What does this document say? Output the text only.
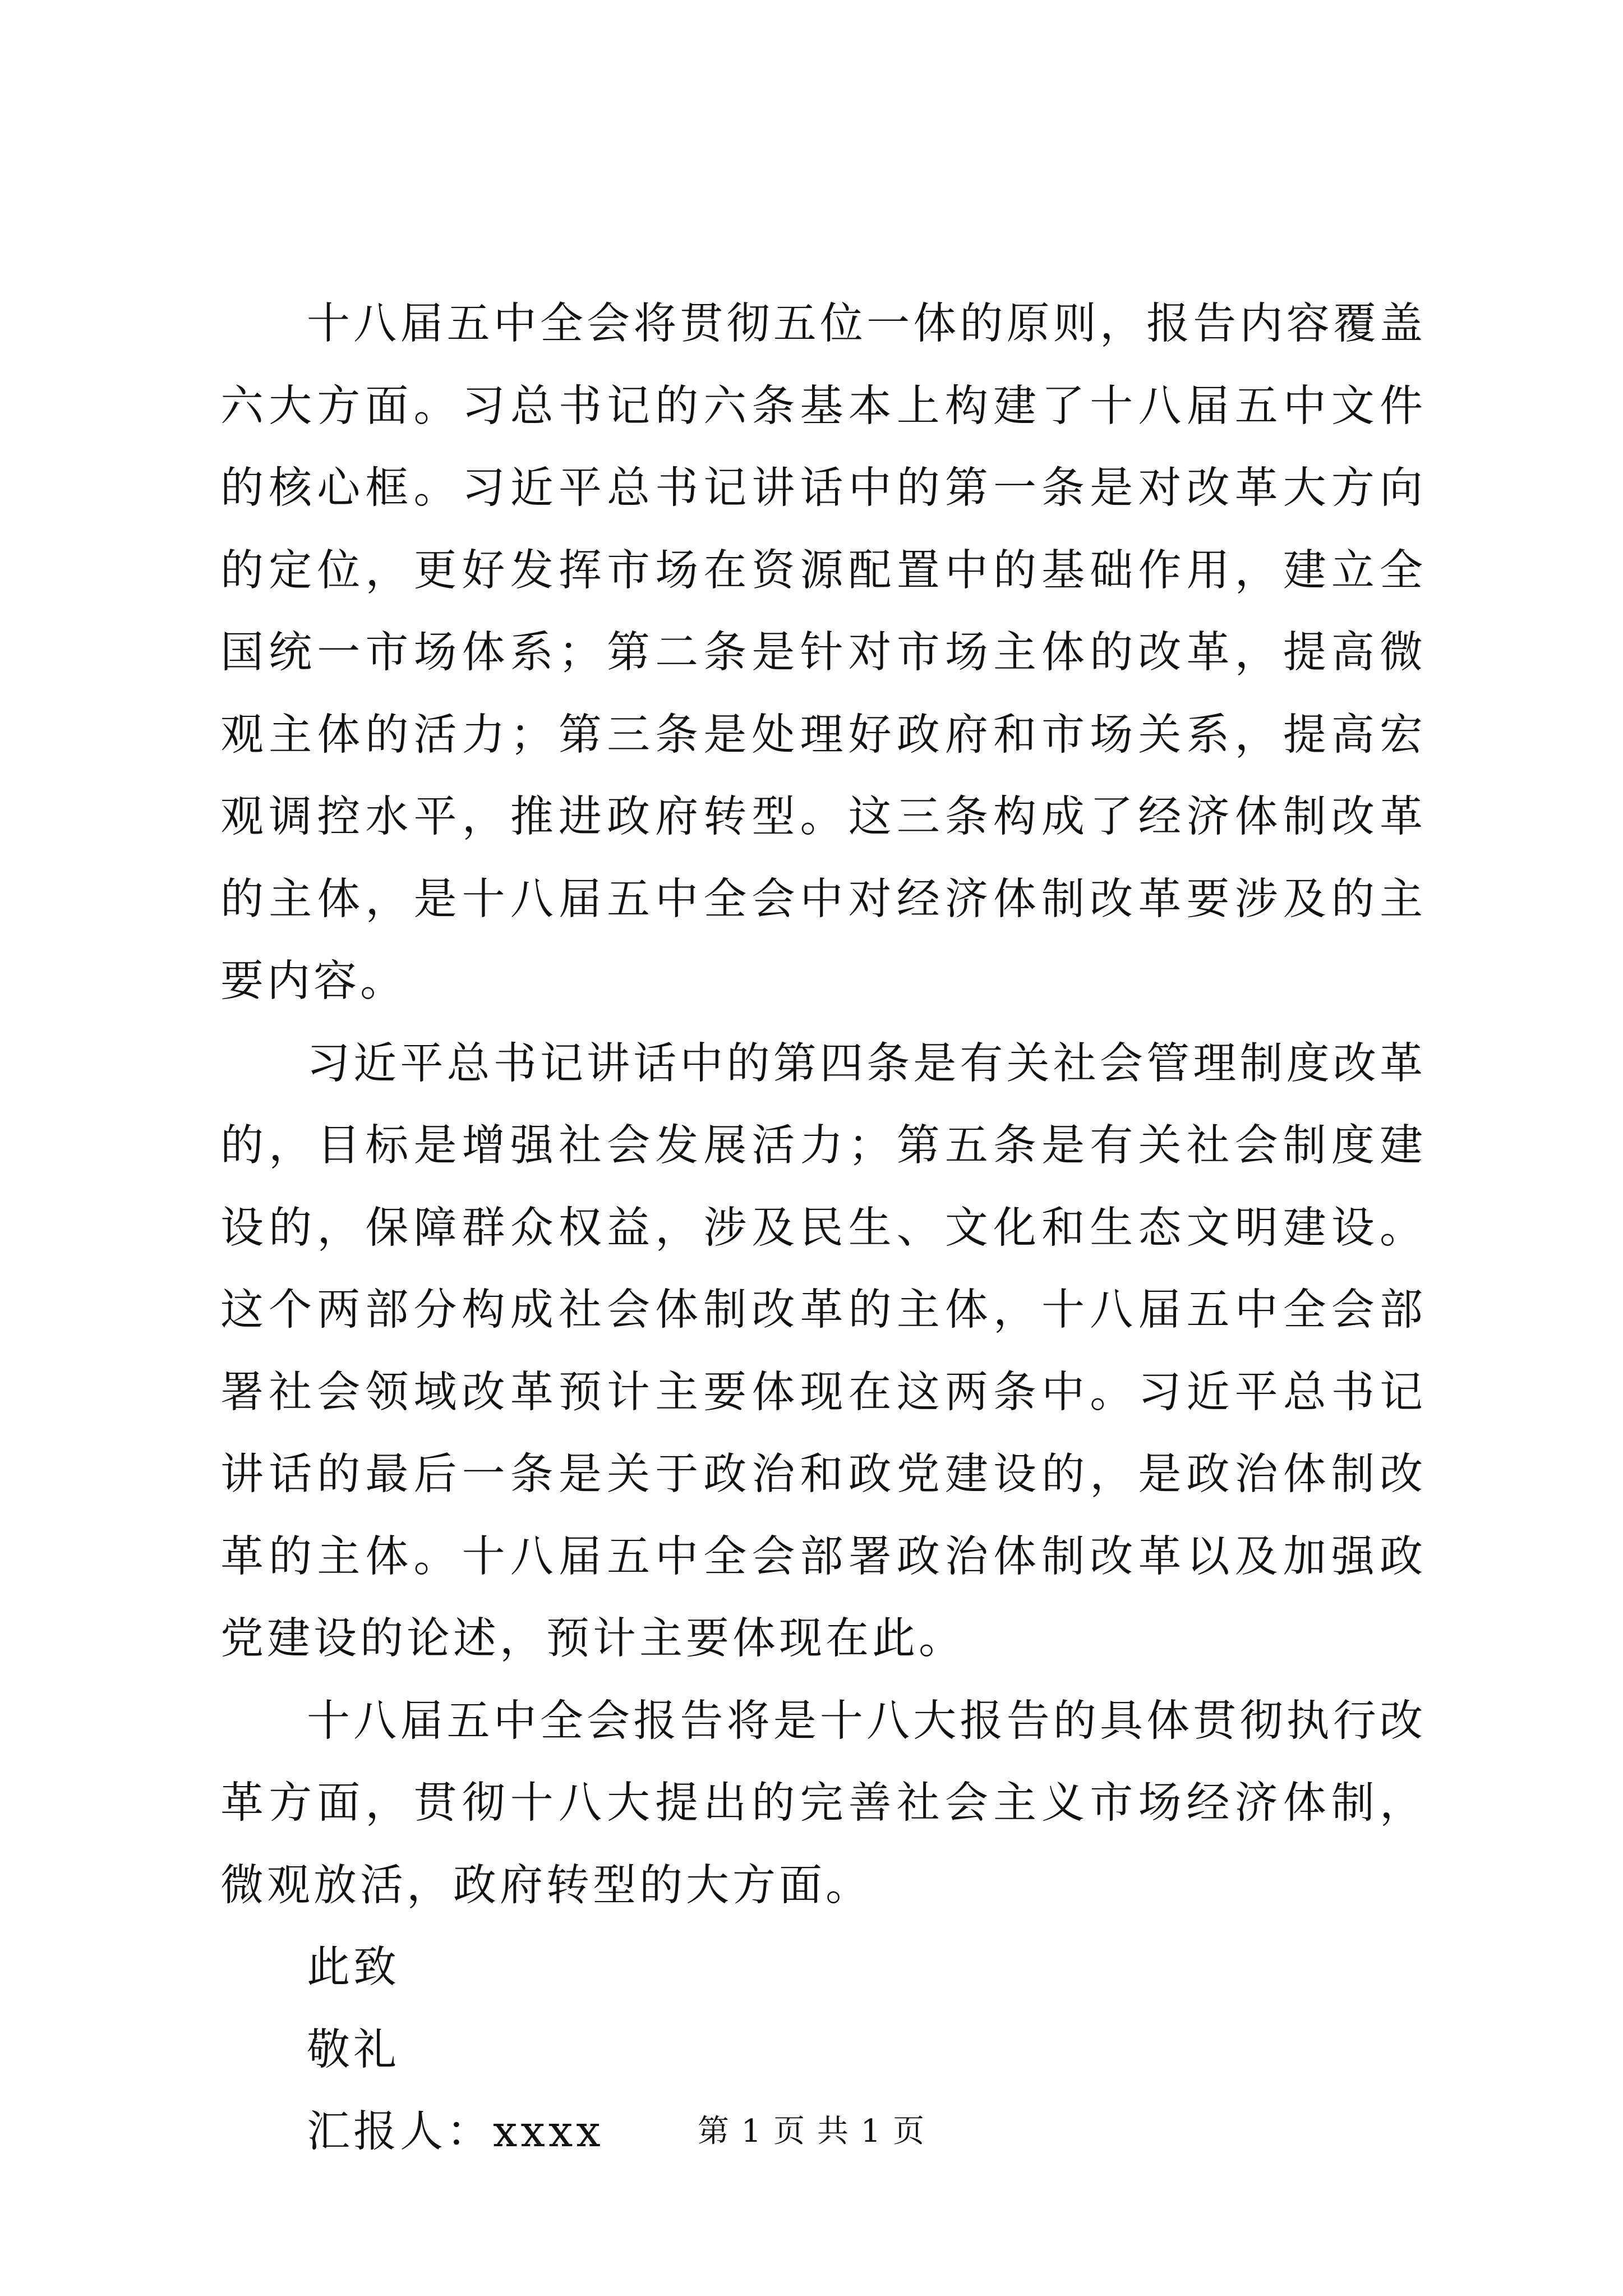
十八届五中全会将贯彻五位一体的原则，报告内容覆盖六大方面。习总书记的六条基本上构建了十八届五中文件的核心框。习近平总书记讲话中的第一条是对改革大方向的定位，更好发挥市场在资源配置中的基础作用，建立全国统一市场体系；第二条是针对市场主体的改革，提高微观主体的活力；第三条是处理好政府和市场关系，提高宏观调控水平，推进政府转型。这三条构成了经济体制改革的主体，是十八届五中全会中对经济体制改革要涉及的主要内容。

习近平总书记讲话中的第四条是有关社会管理制度改革的，目标是增强社会发展活力；第五条是有关社会制度建设的，保障群众权益，涉及民生、文化和生态文明建设。这个两部分构成社会体制改革的主体，十八届五中全会部署社会领域改革预计主要体现在这两条中。习近平总书记讲话的最后一条是关于政治和政党建设的，是政治体制改革的主体。十八届五中全会部署政治体制改革以及加强政党建设的论述，预计主要体现在此。

十八届五中全会报告将是十八大报告的具体贯彻执行改革方面，贯彻十八大提出的完善社会主义市场经济体制，微观放活，政府转型的大方面。

此致

敬礼

汇报人：xxxx	第 1 页 共 1 页
